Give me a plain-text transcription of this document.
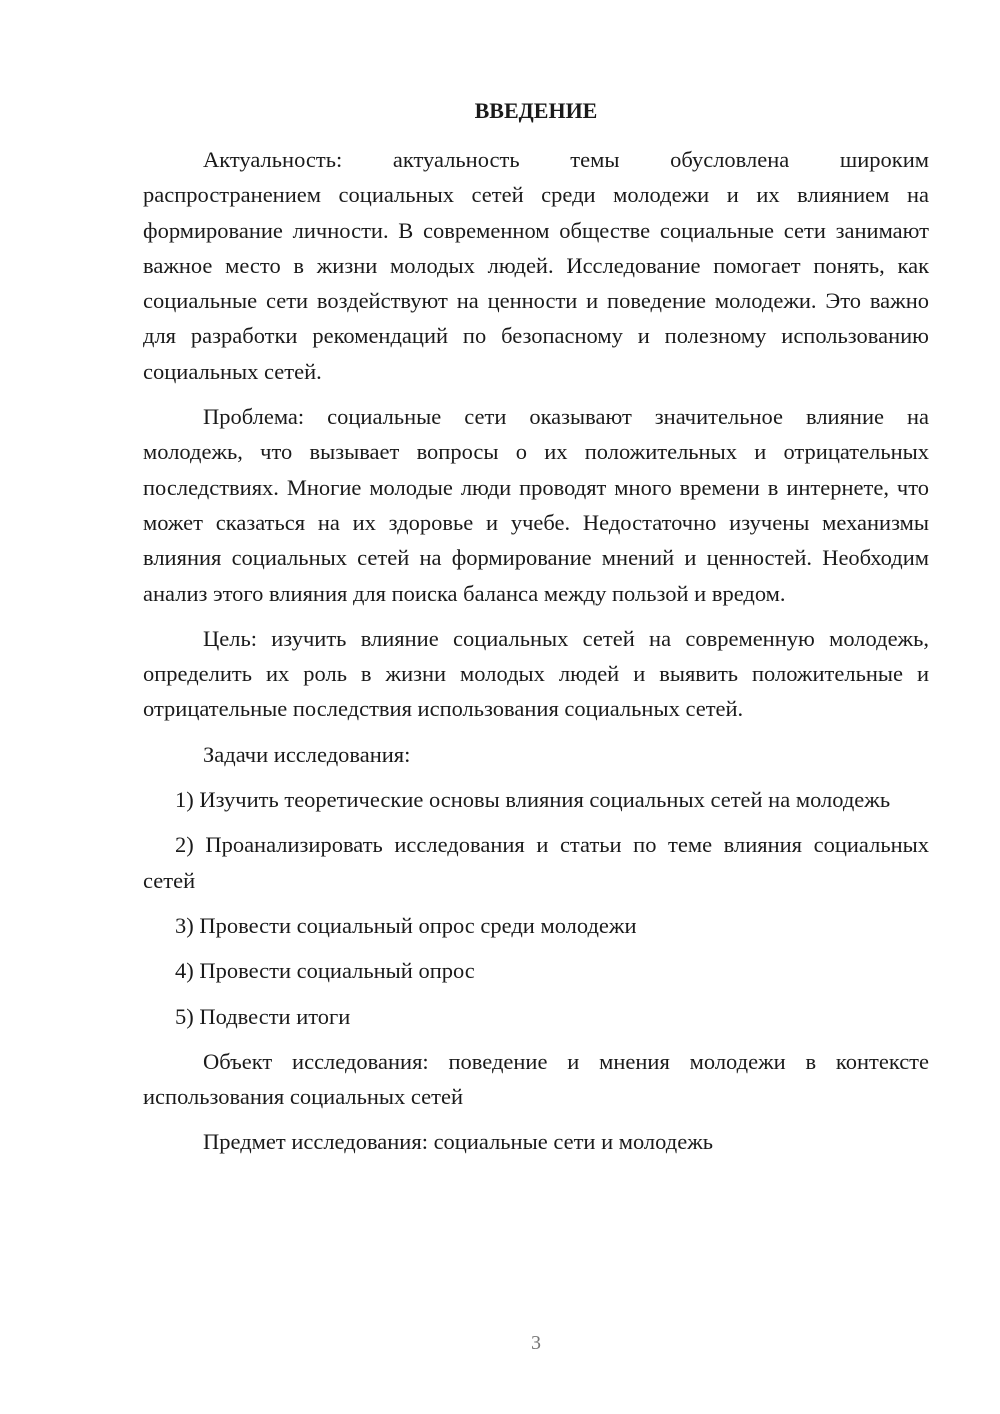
ВВЕДЕНИЕ

Актуальность: актуальность темы обусловлена широким распространением социальных сетей среди молодежи и их влиянием на формирование личности. В современном обществе социальные сети занимают важное место в жизни молодых людей. Исследование помогает понять, как социальные сети воздействуют на ценности и поведение молодежи. Это важно для разработки рекомендаций по безопасному и полезному использованию социальных сетей.

Проблема: социальные сети оказывают значительное влияние на молодежь, что вызывает вопросы о их положительных и отрицательных последствиях. Многие молодые люди проводят много времени в интернете, что может сказаться на их здоровье и учебе. Недостаточно изучены механизмы влияния социальных сетей на формирование мнений и ценностей. Необходим анализ этого влияния для поиска баланса между пользой и вредом.

Цель: изучить влияние социальных сетей на современную молодежь, определить их роль в жизни молодых людей и выявить положительные и отрицательные последствия использования социальных сетей.

Задачи исследования:

1) Изучить теоретические основы влияния социальных сетей на молодежь

2) Проанализировать исследования и статьи по теме влияния социальных сетей

3) Провести социальный опрос среди молодежи

4) Провести социальный опрос

5) Подвести итоги

Объект исследования: поведение и мнения молодежи в контексте использования социальных сетей

Предмет исследования: социальные сети и молодежь

3
